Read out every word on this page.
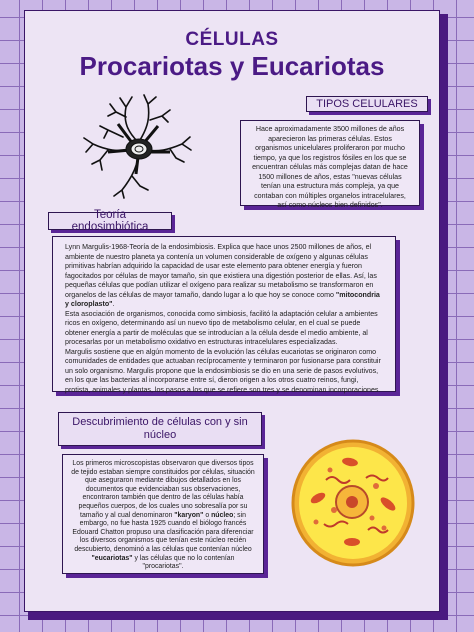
CÉLULAS
Procariotas y Eucariotas
TIPOS CELULARES
Hace aproximadamente 3500 millones de años aparecieron las primeras células. Estos organismos unicelulares proliferaron por mucho tiempo, ya que los registros fósiles en los que se encuentran células más complejas datan de hace 1500 millones de años, estas "nuevas células tenían una estructura más compleja, ya que contaban con múltiples organelos intracelulares, así como núcleos bien definidos".
Teoría endosimbiótica
Lynn Margulis-1968-Teoría de la endosimbiosis. Explica que hace unos 2500 millones de años, el ambiente de nuestro planeta ya contenía un volumen considerable de oxígeno y algunas células primitivas habrían adquirido la capacidad de usar este elemento para obtener energía y fueron fagocitados por células de mayor tamaño, sin que existiera una digestión posterior de ellas. Así, las pequeñas células que podían utilizar el oxígeno para realizar su metabolismo se transformaron en organelos de las células de mayor tamaño, dando lugar a lo que hoy se conoce como "mitocondria y cloroplasto".
Esta asociación de organismos, conocida como simbiosis, facilitó la adaptación celular a ambientes ricos en oxígeno, determinando así un nuevo tipo de metabolismo celular, en el cual se puede obtener energía a partir de moléculas que se introducían a la célula desde el medio ambiente, al procesarlas por un metabolismo oxidativo en estructuras intracelulares especializadas.
Margulis sostiene que en algún momento de la evolución las células eucariotas se originaron como comunidades de entidades que actuaban recíprocamente y terminaron por fusionarse para constituir un solo organismo. Margulis propone que la endosimbiosis se dio en una serie de pasos evolutivos, en los que las bacterias al incorporarse entre sí, dieron origen a los otros cuatro reinos, fungi, protista, animales y plantas, los pasos a los que se refiere son tres y se denominan incorporaciones.
Descubrimiento de células con y sin núcleo
Los primeros microscopistas observaron que diversos tipos de tejido estaban siempre constituidos por células, situación que aseguraron mediante dibujos detallados en los documentos que evidenciaban sus observaciones, encontraron también que dentro de las células había pequeños cuerpos, de los cuales uno sobresalía por su tamaño y al cual denominaron "karyon" o núcleo; sin embargo, no fue hasta 1925 cuando el biólogo francés Edouard Chatton propuso una clasificación para diferenciar los diversos organismos que tenían este núcleo recién descubierto, denominó a las células que contenían núcleo "eucariotas" y las células que no lo contenían "procariotas".
